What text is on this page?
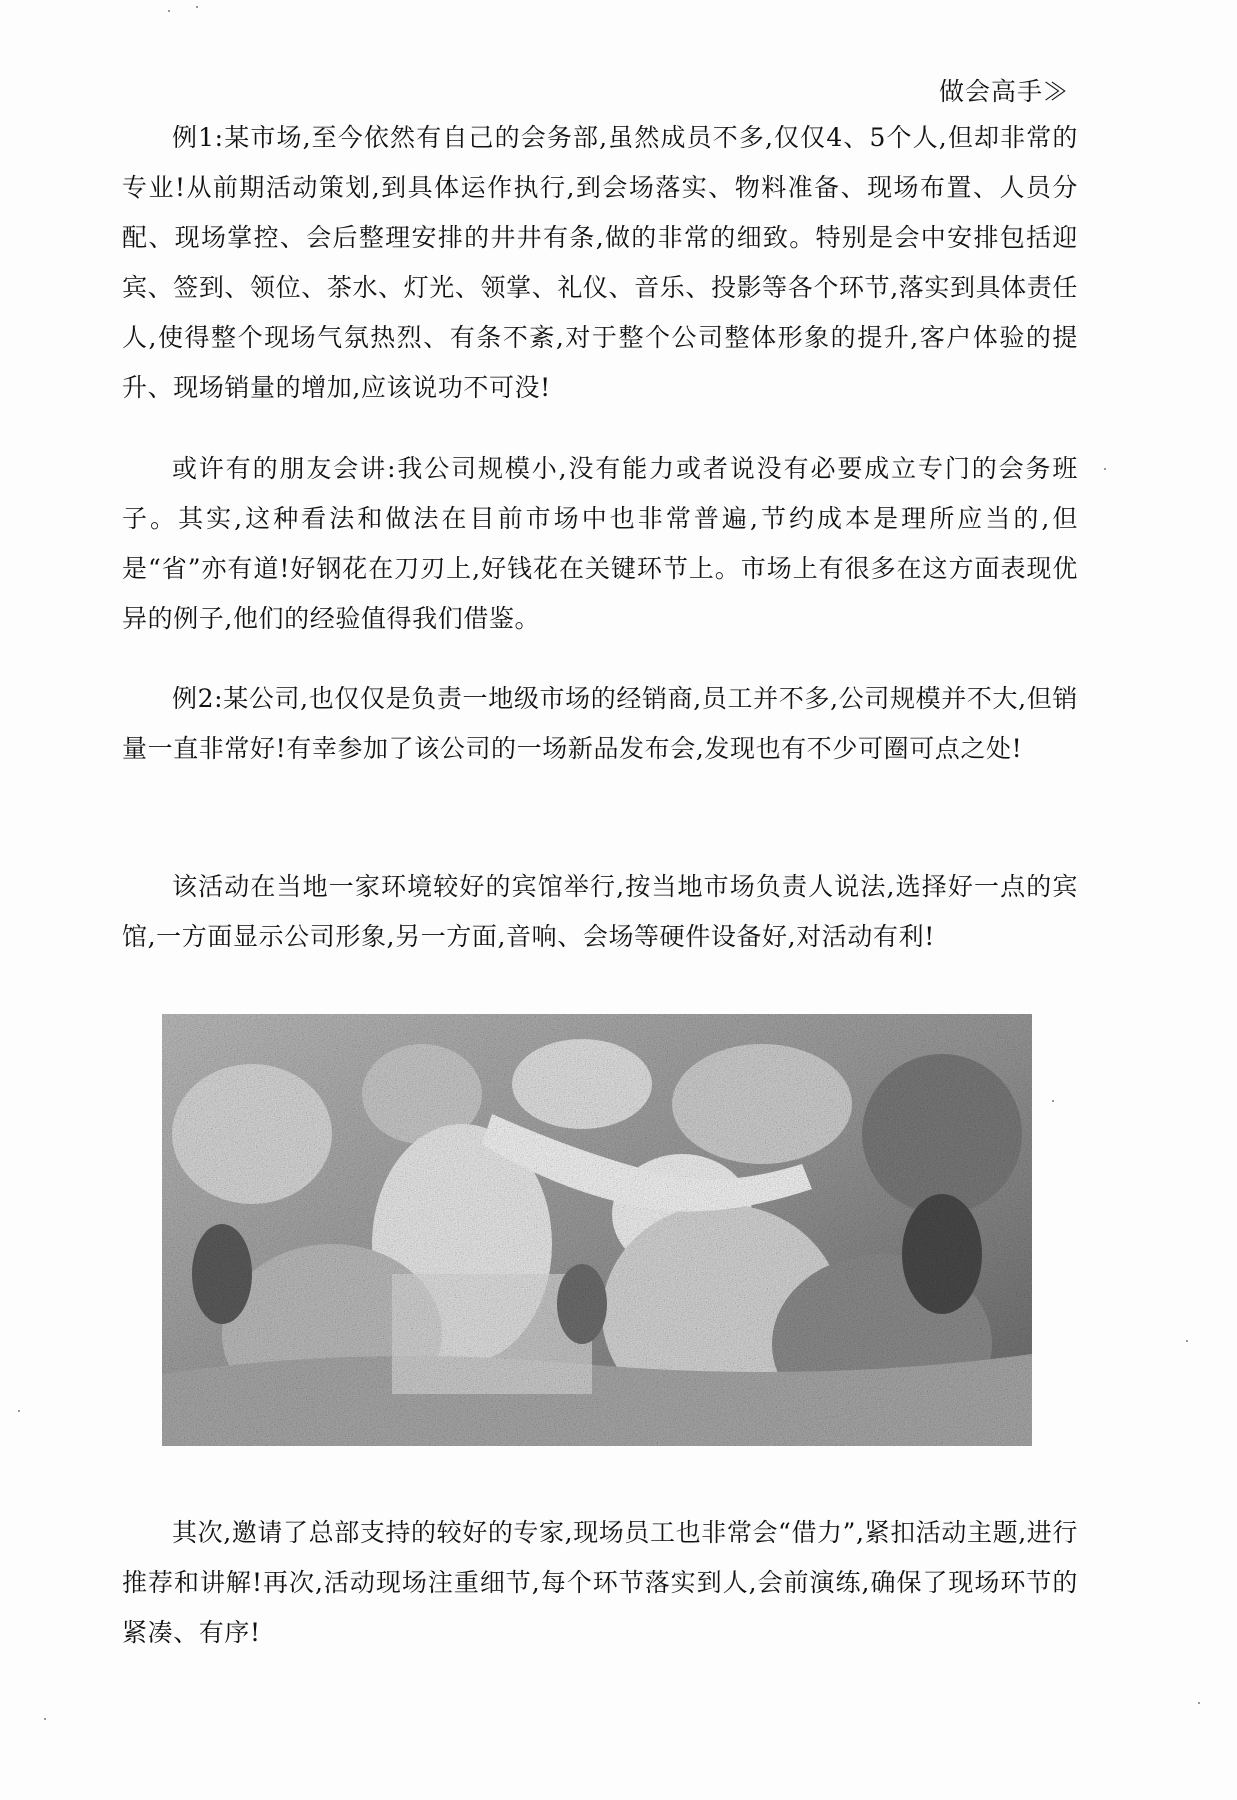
做会高手≫

例1:某市场,至今依然有自己的会务部,虽然成员不多,仅仅4、5个人,但却非常的专业!从前期活动策划,到具体运作执行,到会场落实、物料准备、现场布置、人员分配、现场掌控、会后整理安排的井井有条,做的非常的细致。特别是会中安排包括迎宾、签到、领位、茶水、灯光、领掌、礼仪、音乐、投影等各个环节,落实到具体责任人,使得整个现场气氛热烈、有条不紊,对于整个公司整体形象的提升,客户体验的提升、现场销量的增加,应该说功不可没!

或许有的朋友会讲:我公司规模小,没有能力或者说没有必要成立专门的会务班子。其实,这种看法和做法在目前市场中也非常普遍,节约成本是理所应当的,但是“省”亦有道!好钢花在刀刃上,好钱花在关键环节上。市场上有很多在这方面表现优异的例子,他们的经验值得我们借鉴。

例2:某公司,也仅仅是负责一地级市场的经销商,员工并不多,公司规模并不大,但销量一直非常好!有幸参加了该公司的一场新品发布会,发现也有不少可圈可点之处!

该活动在当地一家环境较好的宾馆举行,按当地市场负责人说法,选择好一点的宾馆,一方面显示公司形象,另一方面,音响、会场等硬件设备好,对活动有利!

其次,邀请了总部支持的较好的专家,现场员工也非常会“借力”,紧扣活动主题,进行推荐和讲解!再次,活动现场注重细节,每个环节落实到人,会前演练,确保了现场环节的紧凑、有序!
